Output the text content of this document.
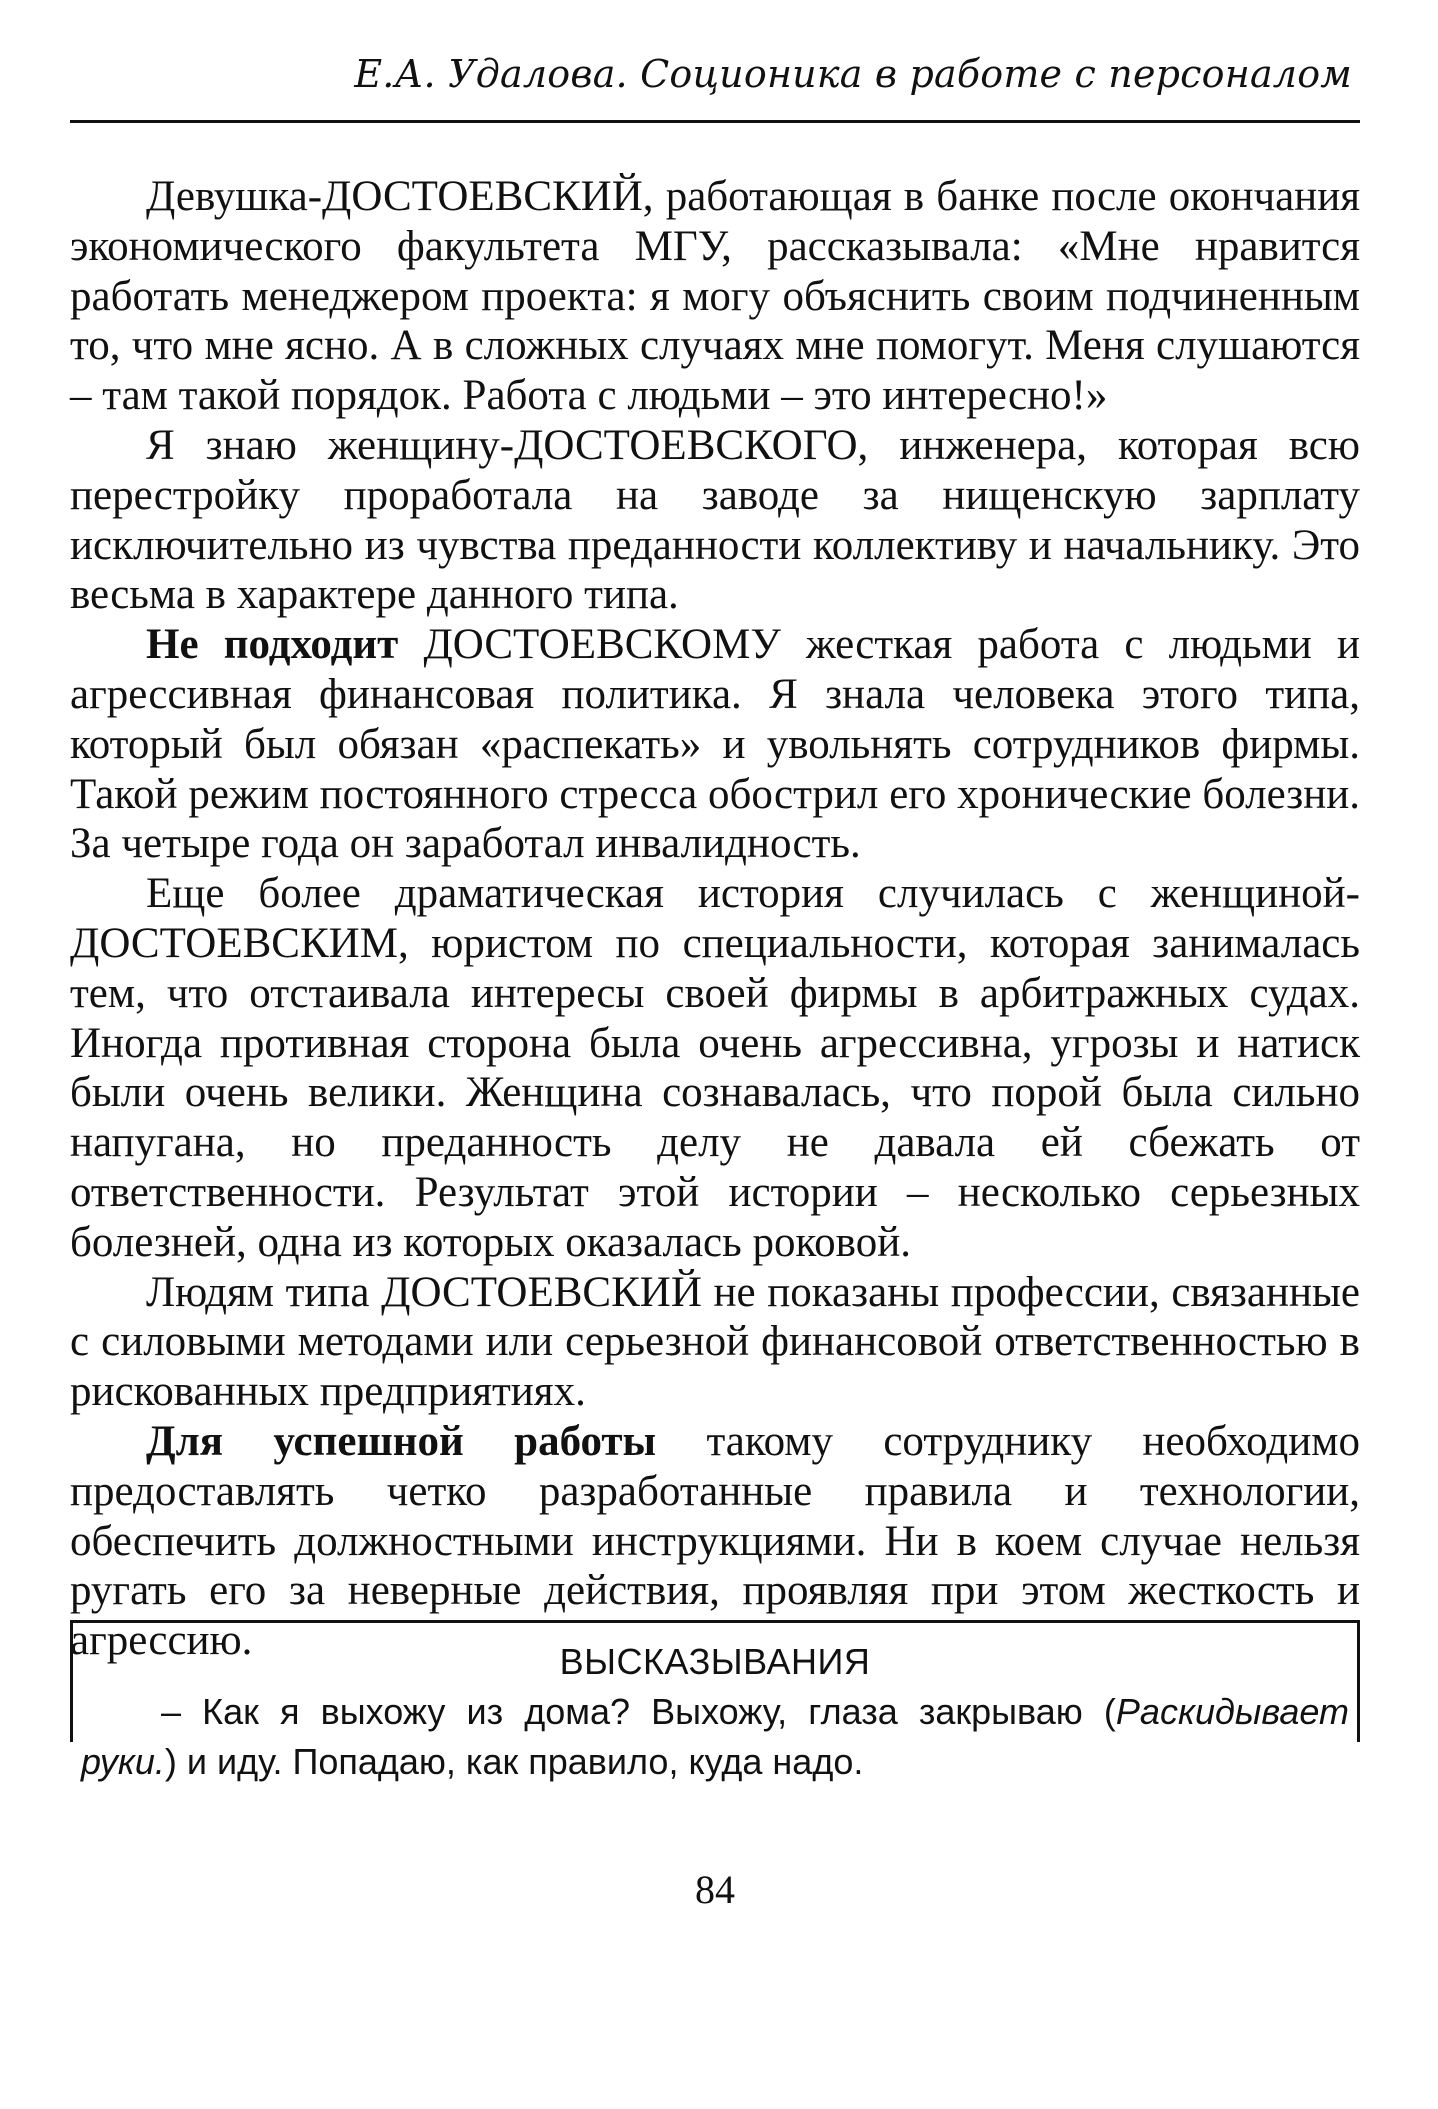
Е.А. Удалова. Соционика в работе с персоналом

Девушка-ДОСТОЕВСКИЙ, работающая в банке после окончания экономического факультета МГУ, рассказывала: «Мне нравится работать менеджером проекта: я могу объяснить своим подчиненным то, что мне ясно. А в сложных случаях мне помогут. Меня слушаются – там такой порядок. Работа с людьми – это интересно!»

Я знаю женщину-ДОСТОЕВСКОГО, инженера, которая всю перестройку проработала на заводе за нищенскую зарплату исключительно из чувства преданности коллективу и начальнику. Это весьма в характере данного типа.

Не подходит ДОСТОЕВСКОМУ жесткая работа с людьми и агрессивная финансовая политика. Я знала человека этого типа, который был обязан «распекать» и увольнять сотрудников фирмы. Такой режим постоянного стресса обострил его хронические болезни. За четыре года он заработал инвалидность.

Еще более драматическая история случилась с женщиной-ДОСТОЕВСКИМ, юристом по специальности, которая занималась тем, что отстаивала интересы своей фирмы в арбитражных судах. Иногда противная сторона была очень агрессивна, угрозы и натиск были очень велики. Женщина сознавалась, что порой была сильно напугана, но преданность делу не давала ей сбежать от ответственности. Результат этой истории – несколько серьезных болезней, одна из которых оказалась роковой.

Людям типа ДОСТОЕВСКИЙ не показаны профессии, связанные с силовыми методами или серьезной финансовой ответственностью в рискованных предприятиях.

Для успешной работы такому сотруднику необходимо предоставлять четко разработанные правила и технологии, обеспечить должностными инструкциями. Ни в коем случае нельзя ругать его за неверные действия, проявляя при этом жесткость и агрессию.	ВЫСКАЗЫВАНИЯ

– Как я выхожу из дома? Выхожу, глаза закрываю (Раскидывает руки.) и иду. Попадаю, как правило, куда надо.

84
